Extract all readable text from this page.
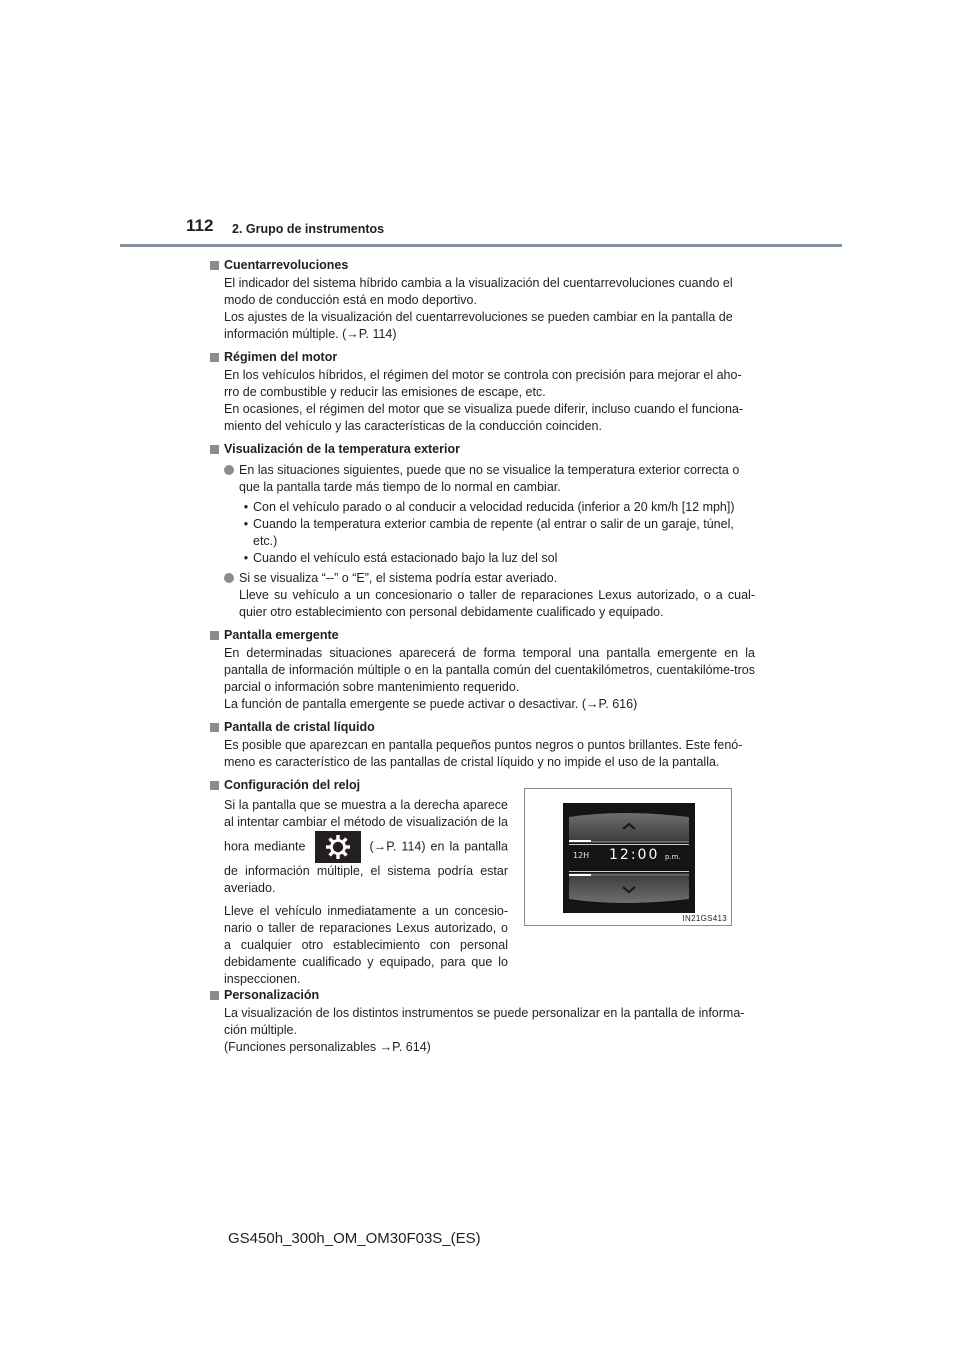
112 2. Grupo de instrumentos
Cuentarrevoluciones
El indicador del sistema híbrido cambia a la visualización del cuentarrevoluciones cuando el modo de conducción está en modo deportivo.
Los ajustes de la visualización del cuentarrevoluciones se pueden cambiar en la pantalla de información múltiple. (→P. 114)
Régimen del motor
En los vehículos híbridos, el régimen del motor se controla con precisión para mejorar el aho-rro de combustible y reducir las emisiones de escape, etc.
En ocasiones, el régimen del motor que se visualiza puede diferir, incluso cuando el funciona-miento del vehículo y las características de la conducción coinciden.
Visualización de la temperatura exterior
En las situaciones siguientes, puede que no se visualice la temperatura exterior correcta o que la pantalla tarde más tiempo de lo normal en cambiar.
• Con el vehículo parado o al conducir a velocidad reducida (inferior a 20 km/h [12 mph])
• Cuando la temperatura exterior cambia de repente (al entrar o salir de un garaje, túnel, etc.)
• Cuando el vehículo está estacionado bajo la luz del sol
Si se visualiza “--” o “E”, el sistema podría estar averiado.
Lleve su vehículo a un concesionario o taller de reparaciones Lexus autorizado, o a cual-quier otro establecimiento con personal debidamente cualificado y equipado.
Pantalla emergente
En determinadas situaciones aparecerá de forma temporal una pantalla emergente en la pantalla de información múltiple o en la pantalla común del cuentakilómetros, cuentakilóme-tros parcial o información sobre mantenimiento requerido.
La función de pantalla emergente se puede activar o desactivar. (→P. 616)
Pantalla de cristal líquido
Es posible que aparezcan en pantalla pequeños puntos negros o puntos brillantes. Este fenó-meno es característico de las pantallas de cristal líquido y no impide el uso de la pantalla.
Configuración del reloj

Si la pantalla que se muestra a la derecha aparece al intentar cambiar el método de visualización de la hora mediante	(→P. 114) en la pantalla de información múltiple, el sistema podría estar averiado.

Lleve el vehículo inmediatamente a un concesio-nario o taller de reparaciones Lexus autorizado, o a cualquier otro establecimiento con personal debidamente cualificado y equipado, para que lo inspeccionen.

12H 12:00 p.m.
IN21GS413
Personalización
La visualización de los distintos instrumentos se puede personalizar en la pantalla de informa-ción múltiple.
(Funciones personalizables →P. 614)
GS450h_300h_OM_OM30F03S_(ES)
